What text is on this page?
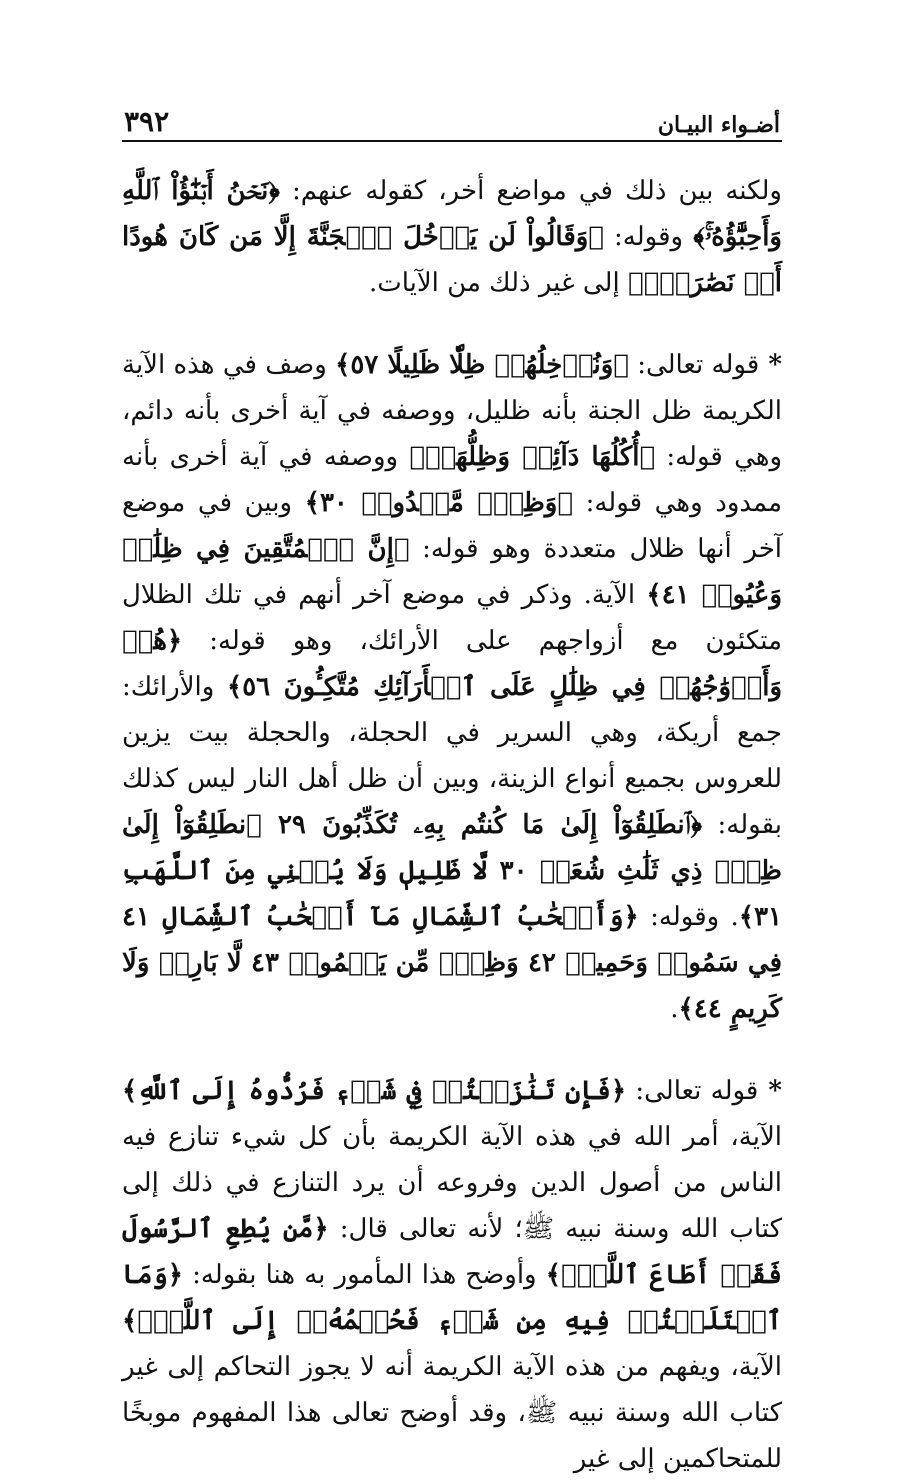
أضـواء البيـان
٣٩٢

ولكنه بين ذلك في مواضع أخر، كقوله عنهم: ﴿نَحۡنُ أَبۡنَٰٓؤُاْ ٱللَّهِ وَأَحِبَّٰٓؤُهُۥۚ﴾ وقوله: ﴿وَقَالُواْ لَن يَدۡخُلَ ٱلۡجَنَّةَ إِلَّا مَن كَانَ هُودًا أَوۡ نَصَٰرَىٰۗ﴾ إلى غير ذلك من الآيات.

* قوله تعالى: ﴿وَنُدۡخِلُهُمۡ ظِلّٗا ظَلِيلًا ٥٧﴾ وصف في هذه الآية الكريمة ظل الجنة بأنه ظليل، ووصفه في آية أخرى بأنه دائم، وهي قوله: ﴿أُكُلُهَا دَآئِمٞ وَظِلُّهَاۚ﴾ ووصفه في آية أخرى بأنه ممدود وهي قوله: ﴿وَظِلّٖ مَّمۡدُودٖ ٣٠﴾ وبين في موضع آخر أنها ظلال متعددة وهو قوله: ﴿إِنَّ ٱلۡمُتَّقِينَ فِي ظِلَٰلٖ وَعُيُونٖ ٤١﴾ الآية. وذكر في موضع آخر أنهم في تلك الظلال متكئون مع أزواجهم على الأرائك، وهو قوله: ﴿هُمۡ وَأَزۡوَٰجُهُمۡ فِي ظِلَٰلٍ عَلَى ٱلۡأَرَآئِكِ مُتَّكِـُٔونَ ٥٦﴾ والأرائك: جمع أريكة، وهي السرير في الحجلة، والحجلة بيت يزين للعروس بجميع أنواع الزينة، وبين أن ظل أهل النار ليس كذلك بقوله: ﴿ٱنطَلِقُوٓاْ إِلَىٰ مَا كُنتُم بِهِۦ تُكَذِّبُونَ ٢٩ ٱنطَلِقُوٓاْ إِلَىٰ ظِلّٖ ذِي ثَلَٰثِ شُعَبٖ ٣٠ لَّا ظَلِيلٖ وَلَا يُغۡنِي مِنَ ٱللَّهَبِ ٣١﴾. وقوله: ﴿وَأَصۡحَٰبُ ٱلشِّمَالِ مَآ أَصۡحَٰبُ ٱلشِّمَالِ ٤١ فِي سَمُومٖ وَحَمِيمٖ ٤٢ وَظِلّٖ مِّن يَحۡمُومٖ ٤٣ لَّا بَارِدٖ وَلَا كَرِيمٍ ٤٤﴾.

* قوله تعالى: ﴿فَإِن تَنَٰزَعۡتُمۡ فِي شَيۡءٖ فَرُدُّوهُ إِلَى ٱللَّهِ﴾ الآية، أمر الله في هذه الآية الكريمة بأن كل شيء تنازع فيه الناس من أصول الدين وفروعه أن يرد التنازع في ذلك إلى كتاب الله وسنة نبيه ﷺ؛ لأنه تعالى قال: ﴿مَّن يُطِعِ ٱلرَّسُولَ فَقَدۡ أَطَاعَ ٱللَّهَۖ﴾ وأوضح هذا المأمور به هنا بقوله: ﴿وَمَا ٱخۡتَلَفۡتُمۡ فِيهِ مِن شَيۡءٖ فَحُكۡمُهُۥٓ إِلَى ٱللَّهِۚ﴾ الآية، ويفهم من هذه الآية الكريمة أنه لا يجوز التحاكم إلى غير كتاب الله وسنة نبيه ﷺ، وقد أوضح تعالى هذا المفهوم موبخًا للمتحاكمين إلى غير
